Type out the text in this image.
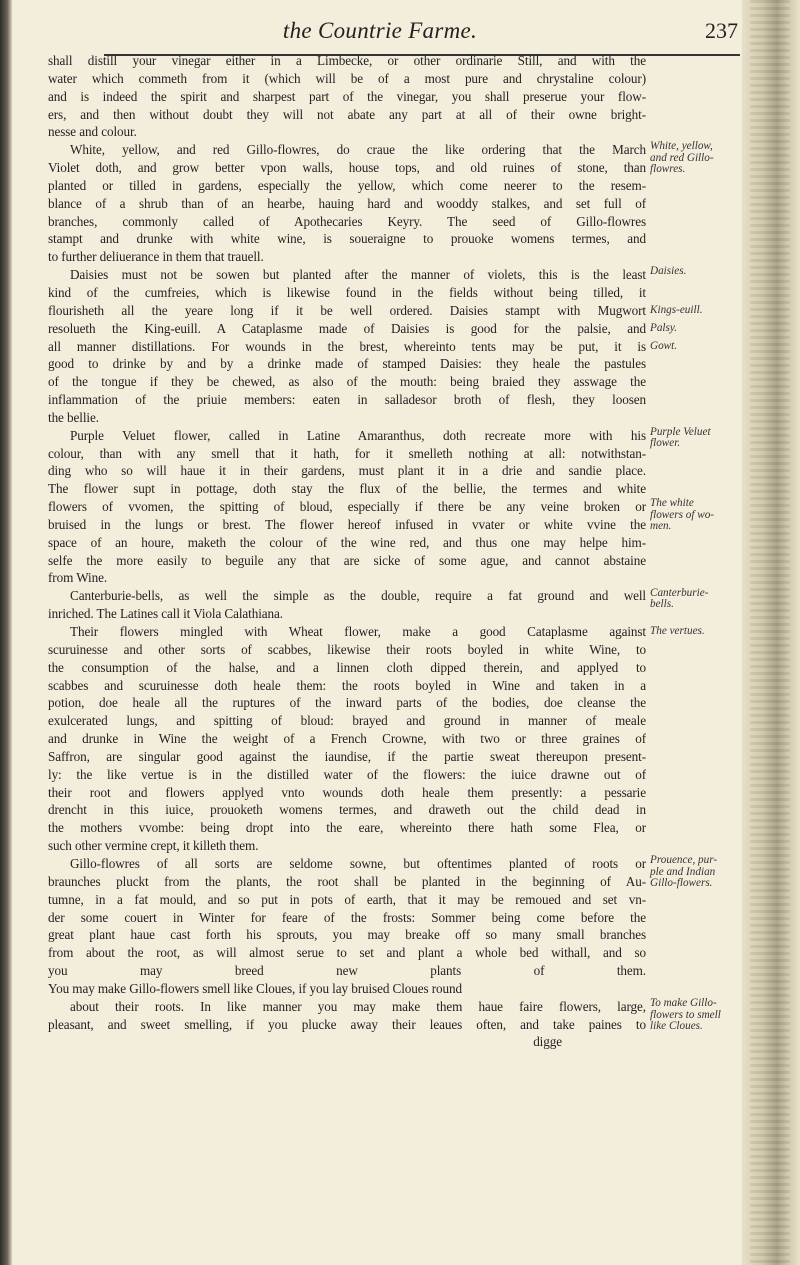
the Countrie Farme.	237
shall distill your vinegar either in a Limbecke, or other ordinarie Still, and with the
water which commeth from it (which will be of a most pure and chrystaline colour)
and is indeed the spirit and sharpest part of the vinegar, you shall preserue your flow-
ers, and then without doubt they will not abate any part at all of their owne bright-
nesse and colour.
White, yellow, and red Gillo-flowres, do craue the like ordering that the March
Violet doth, and grow better vpon walls, house tops, and old ruines of stone, than
planted or tilled in gardens, especially the yellow, which come neerer to the resem-
blance of a shrub than of an hearbe, hauing hard and wooddy stalkes, and set full of
branches, commonly called of Apothecaries Keyry. The seed of Gillo-flowres
stampt and drunke with white wine, is soueraigne to prouoke womens termes, and
to further deliuerance in them that trauell.
Daisies must not be sowen but planted after the manner of violets, this is the least
kind of the cumfreies, which is likewise found in the fields without being tilled, it
flourisheth all the yeare long if it be well ordered. Daisies stampt with Mugwort
resolueth the King-euill. A Cataplasme made of Daisies is good for the palsie, and
all manner distillations. For wounds in the brest, whereinto tents may be put, it is
good to drinke by and by a drinke made of stamped Daisies: they heale the pastules
of the tongue if they be chewed, as also of the mouth: being braied they asswage the
inflammation of the priuie members: eaten in salladesor broth of flesh, they loosen
the bellie.
Purple Veluet flower, called in Latine Amaranthus, doth recreate more with his
colour, than with any smell that it hath, for it smelleth nothing at all: notwithstan-
ding who so will haue it in their gardens, must plant it in a drie and sandie place.
The flower supt in pottage, doth stay the flux of the bellie, the termes and white
flowers of vvomen, the spitting of bloud, especially if there be any veine broken or
bruised in the lungs or brest. The flower hereof infused in vvater or white vvine the
space of an houre, maketh the colour of the wine red, and thus one may helpe him-
selfe the more easily to beguile any that are sicke of some ague, and cannot abstaine
from Wine.
Canterburie-bells, as well the simple as the double, require a fat ground and well
inriched. The Latines call it Viola Calathiana.
Their flowers mingled with Wheat flower, make a good Cataplasme against
scuruinesse and other sorts of scabbes, likewise their roots boyled in white Wine, to
the consumption of the halse, and a linnen cloth dipped therein, and applyed to
scabbes and scuruinesse doth heale them: the roots boyled in Wine and taken in a
potion, doe heale all the ruptures of the inward parts of the bodies, doe cleanse the
exulcerated lungs, and spitting of bloud: brayed and ground in manner of meale
and drunke in Wine the weight of a French Crowne, with two or three graines of
Saffron, are singular good against the iaundise, if the partie sweat thereupon present-
ly: the like vertue is in the distilled water of the flowers: the iuice drawne out of
their root and flowers applyed vnto wounds doth heale them presently: a pessarie
drencht in this iuice, prouoketh womens termes, and draweth out the child dead in
the mothers vvombe: being dropt into the eare, whereinto there hath some Flea, or
such other vermine crept, it killeth them.
Gillo-flowres of all sorts are seldome sowne, but oftentimes planted of roots or
braunches pluckt from the plants, the root shall be planted in the beginning of Au-
tumne, in a fat mould, and so put in pots of earth, that it may be remoued and set vn-
der some couert in Winter for feare of the frosts: Sommer being come before the
great plant haue cast forth his sprouts, you may breake off so many small branches
from about the root, as will almost serue to set and plant a whole bed withall, and so
you may breed new plants of them.
You may make Gillo-flowers smell like Cloues, if you lay bruised Cloues round
about their roots. In like manner you may make them haue faire flowers, large,
pleasant, and sweet smelling, if you plucke away their leaues often, and take paines to
digge
White, yellow,
and red Gillo-
flowres.
Daisies.
Kings-euill.
Palsy.
Gowt.
Purple Veluet
flower.
The white
flowers of wo-
men.
Canterburie-
bells.
The vertues.
Prouence, pur-
ple and Indian
Gillo-flowers.
To make Gillo-
flowers to smell
like Cloues.
